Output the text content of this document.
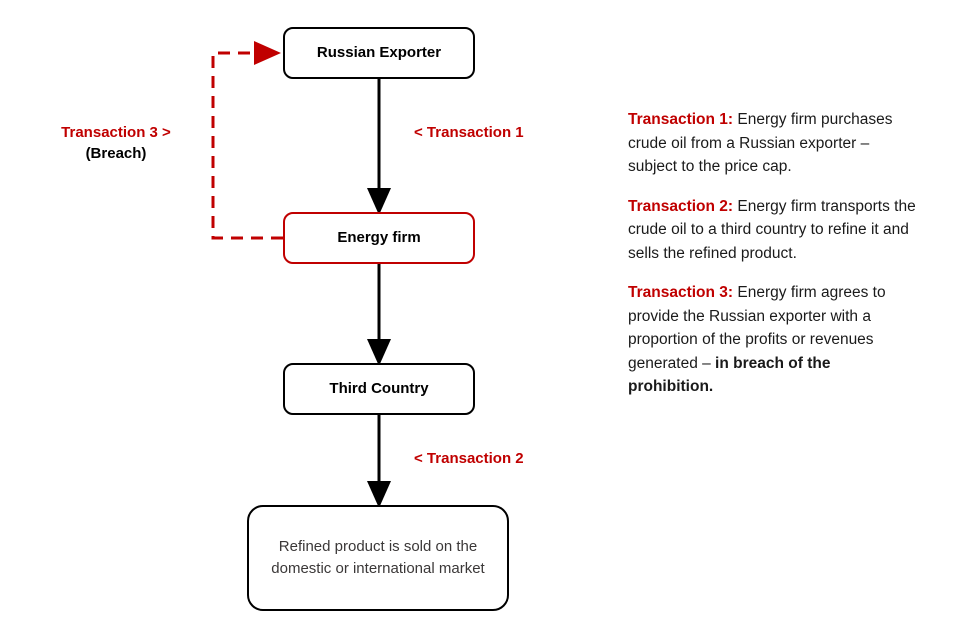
Russian Exporter
Energy firm
Third Country
Refined product is sold on the domestic or international market
< Transaction 1
< Transaction 2
Transaction 3 >
(Breach)
Transaction 1: Energy firm purchases crude oil from a Russian exporter – subject to the price cap.
Transaction 2: Energy firm transports the crude oil to a third country to refine it and sells the refined product.
Transaction 3: Energy firm agrees to provide the Russian exporter with a proportion of the profits or revenues generated – in breach of the prohibition.
